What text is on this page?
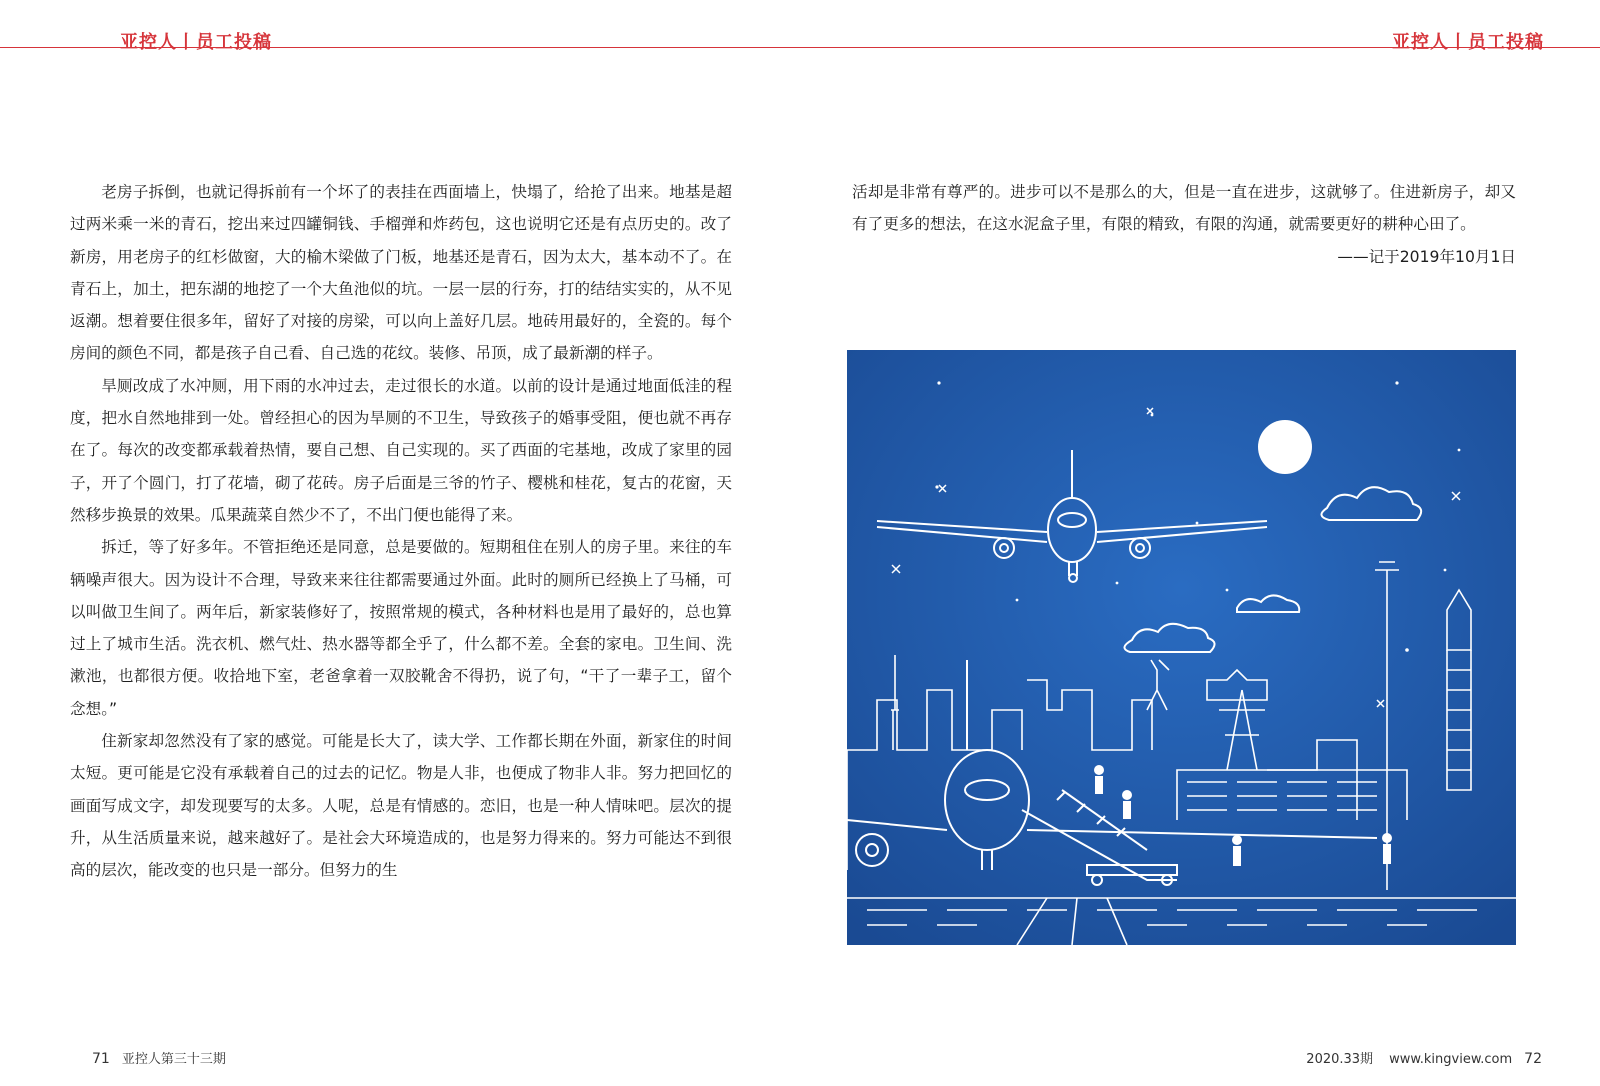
亚控人丨员工投稿	亚控人丨员工投稿

老房子拆倒，也就记得拆前有一个坏了的表挂在西面墙上，快塌了，给抢了出来。地基是超过两米乘一米的青石，挖出来过四罐铜钱、手榴弹和炸药包，这也说明它还是有点历史的。改了新房，用老房子的红杉做窗，大的榆木梁做了门板，地基还是青石，因为太大，基本动不了。在青石上，加土，把东湖的地挖了一个大鱼池似的坑。一层一层的行夯，打的结结实实的，从不见返潮。想着要住很多年，留好了对接的房梁，可以向上盖好几层。地砖用最好的，全瓷的。每个房间的颜色不同，都是孩子自己看、自己选的花纹。装修、吊顶，成了最新潮的样子。

旱厕改成了水冲厕，用下雨的水冲过去，走过很长的水道。以前的设计是通过地面低洼的程度，把水自然地排到一处。曾经担心的因为旱厕的不卫生，导致孩子的婚事受阻，便也就不再存在了。每次的改变都承载着热情，要自己想、自己实现的。买了西面的宅基地，改成了家里的园子，开了个圆门，打了花墙，砌了花砖。房子后面是三爷的竹子、樱桃和桂花，复古的花窗，天然移步换景的效果。瓜果蔬菜自然少不了，不出门便也能得了来。

拆迁，等了好多年。不管拒绝还是同意，总是要做的。短期租住在别人的房子里。来往的车辆噪声很大。因为设计不合理，导致来来往往都需要通过外面。此时的厕所已经换上了马桶，可以叫做卫生间了。两年后，新家装修好了，按照常规的模式，各种材料也是用了最好的，总也算过上了城市生活。洗衣机、燃气灶、热水器等都全乎了，什么都不差。全套的家电。卫生间、洗漱池，也都很方便。收拾地下室，老爸拿着一双胶靴舍不得扔，说了句，“干了一辈子工，留个念想。”

住新家却忽然没有了家的感觉。可能是长大了，读大学、工作都长期在外面，新家住的时间太短。更可能是它没有承载着自己的过去的记忆。物是人非，也便成了物非人非。努力把回忆的画面写成文字，却发现要写的太多。人呢，总是有情感的。恋旧，也是一种人情味吧。层次的提升，从生活质量来说，越来越好了。是社会大环境造成的，也是努力得来的。努力可能达不到很高的层次，能改变的也只是一部分。但努力的生

活却是非常有尊严的。进步可以不是那么的大，但是一直在进步，这就够了。住进新房子，却又有了更多的想法，在这水泥盒子里，有限的精致，有限的沟通，就需要更好的耕种心田了。

——记于2019年10月1日

71 亚控人第三十三期	2020.33期 www.kingview.com 72
